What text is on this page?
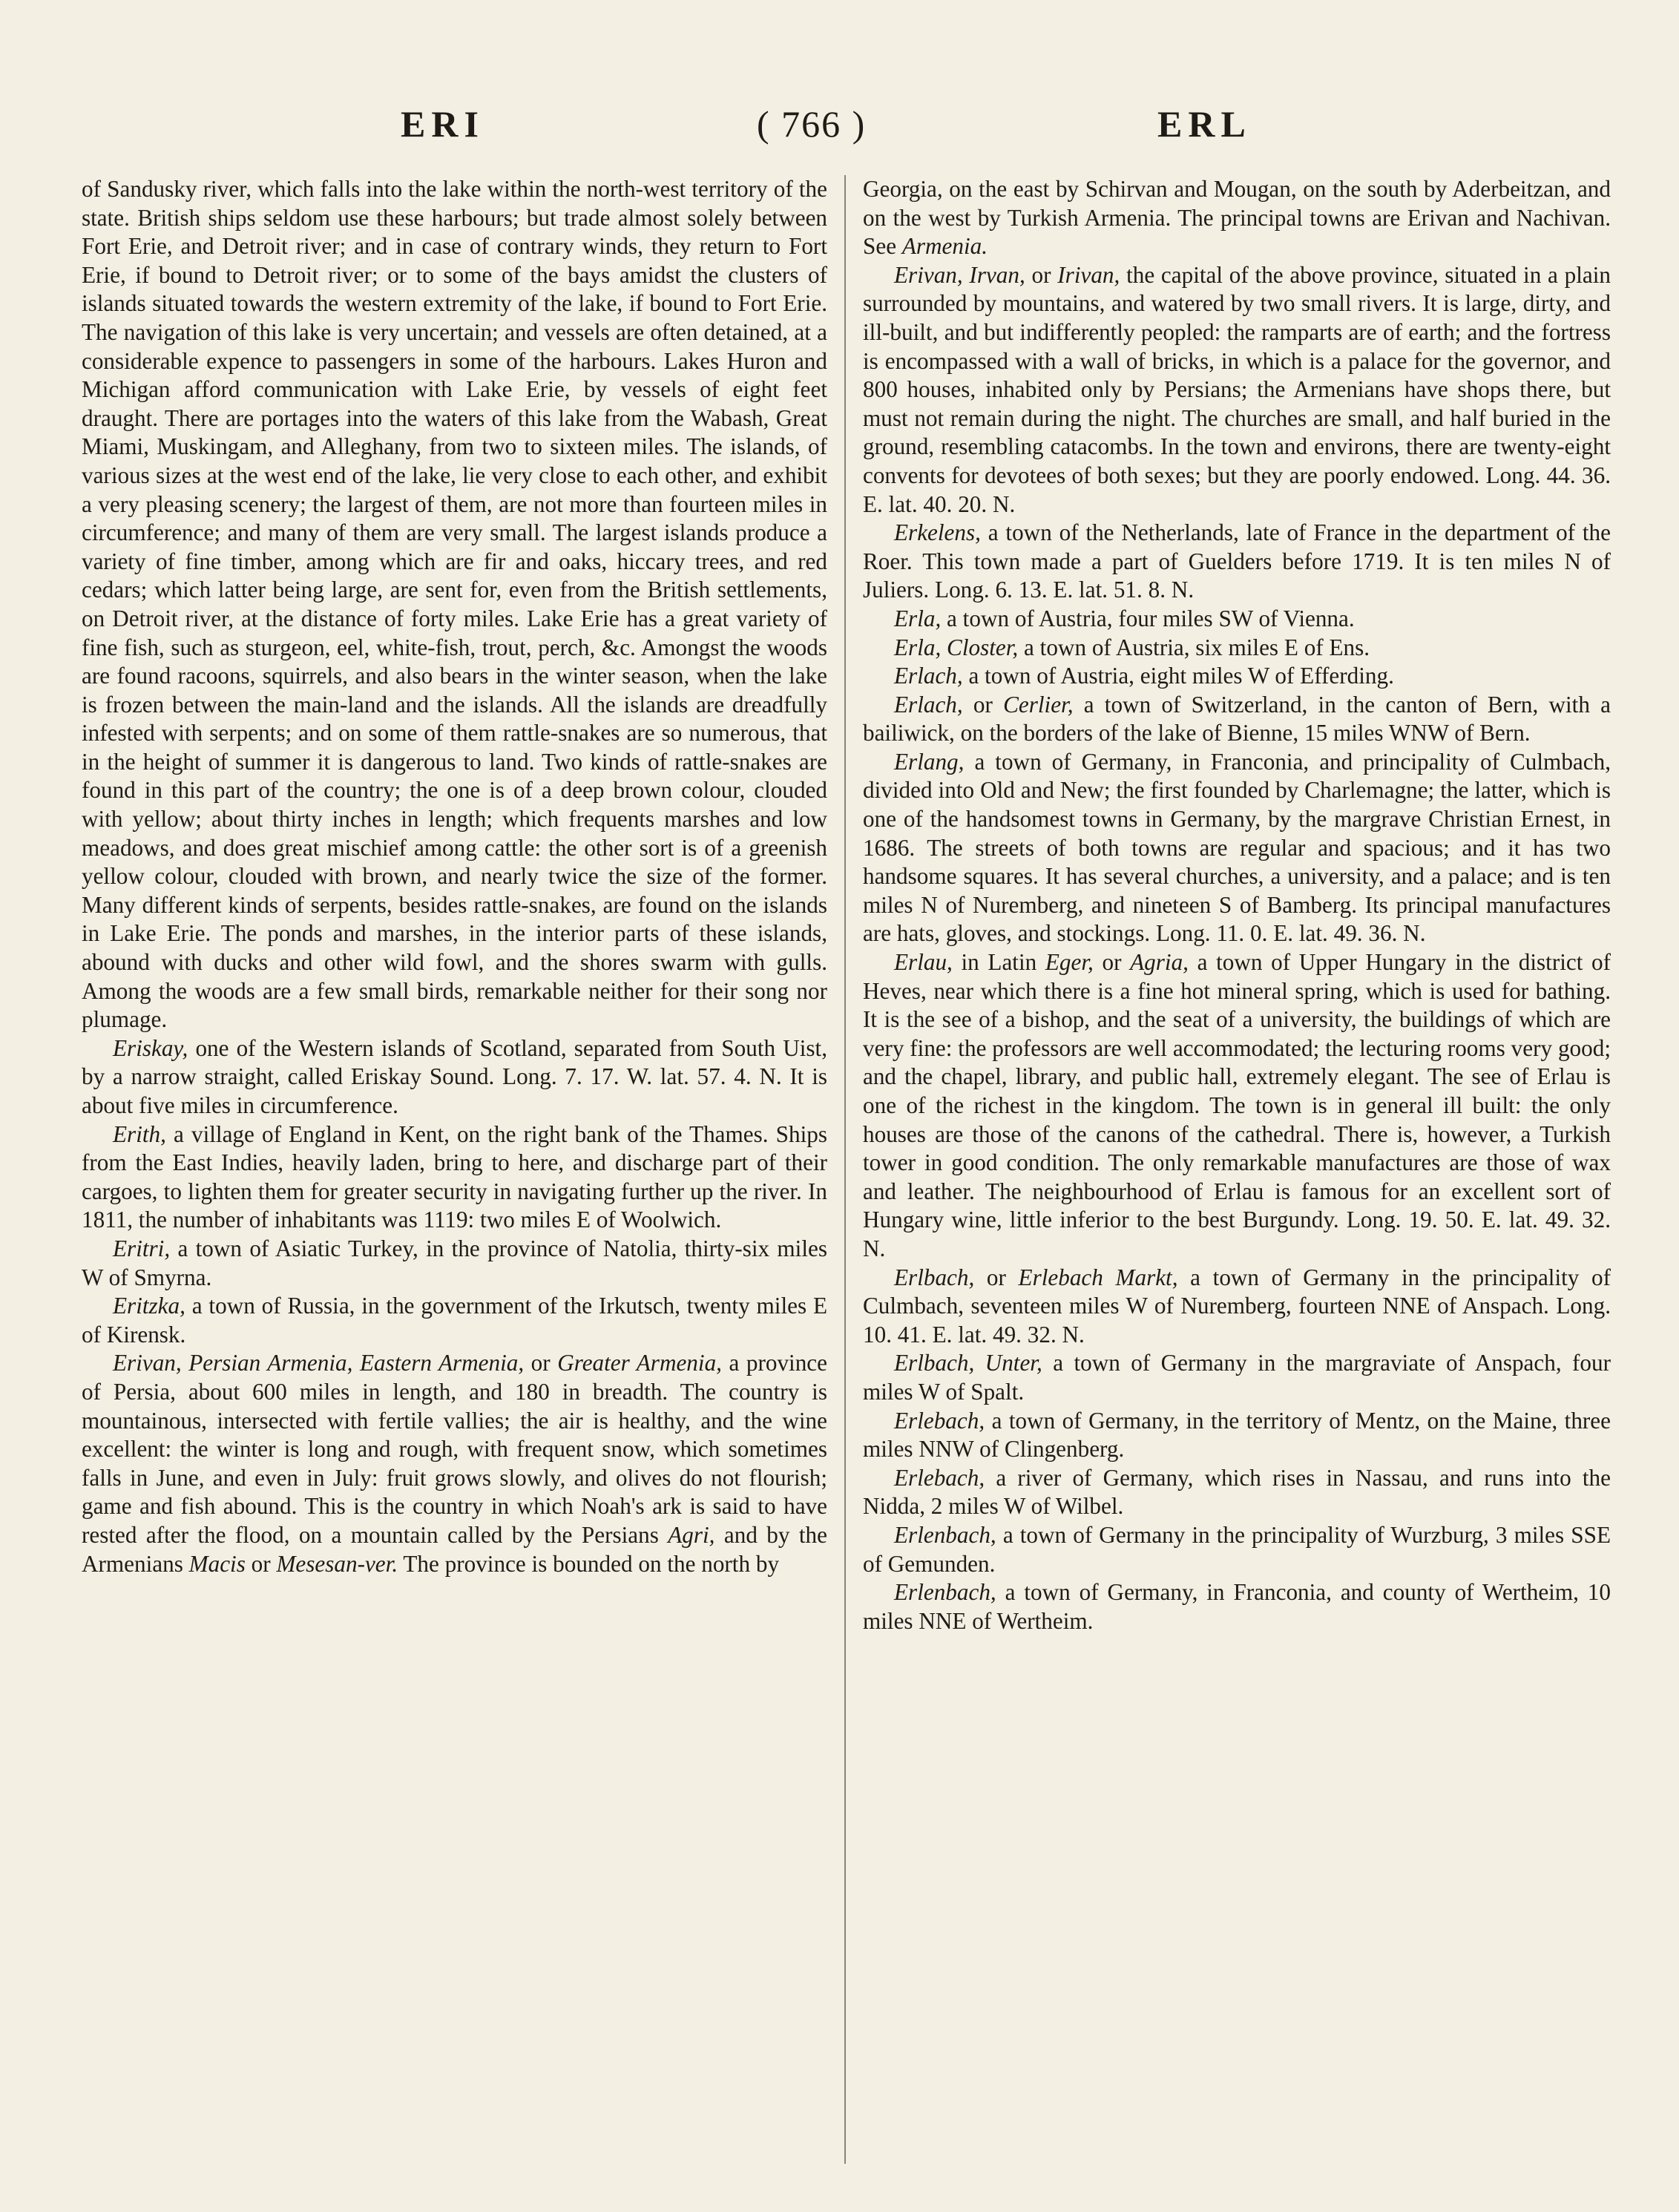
ERI	( 766 )	ERL

of Sandusky river, which falls into the lake within the north-west territory of the state. British ships seldom use these harbours; but trade almost solely between Fort Erie, and Detroit river; and in case of contrary winds, they return to Fort Erie, if bound to Detroit river; or to some of the bays amidst the clusters of islands situated towards the western extremity of the lake, if bound to Fort Erie. The navigation of this lake is very uncertain; and vessels are often detained, at a considerable expence to passengers in some of the harbours. Lakes Huron and Michigan afford communication with Lake Erie, by vessels of eight feet draught. There are portages into the waters of this lake from the Wabash, Great Miami, Muskingam, and Alleghany, from two to sixteen miles. The islands, of various sizes at the west end of the lake, lie very close to each other, and exhibit a very pleasing scenery; the largest of them, are not more than fourteen miles in circumference; and many of them are very small. The largest islands produce a variety of fine timber, among which are fir and oaks, hiccary trees, and red cedars; which latter being large, are sent for, even from the British settlements, on Detroit river, at the distance of forty miles. Lake Erie has a great variety of fine fish, such as sturgeon, eel, white-fish, trout, perch, &c. Amongst the woods are found racoons, squirrels, and also bears in the winter season, when the lake is frozen between the main-land and the islands. All the islands are dreadfully infested with serpents; and on some of them rattle-snakes are so numerous, that in the height of summer it is dangerous to land. Two kinds of rattle-snakes are found in this part of the country; the one is of a deep brown colour, clouded with yellow; about thirty inches in length; which frequents marshes and low meadows, and does great mischief among cattle: the other sort is of a greenish yellow colour, clouded with brown, and nearly twice the size of the former. Many different kinds of serpents, besides rattle-snakes, are found on the islands in Lake Erie. The ponds and marshes, in the interior parts of these islands, abound with ducks and other wild fowl, and the shores swarm with gulls. Among the woods are a few small birds, remarkable neither for their song nor plumage.

Eriskay, one of the Western islands of Scotland, separated from South Uist, by a narrow straight, called Eriskay Sound. Long. 7. 17. W. lat. 57. 4. N. It is about five miles in circumference.

Erith, a village of England in Kent, on the right bank of the Thames. Ships from the East Indies, heavily laden, bring to here, and discharge part of their cargoes, to lighten them for greater security in navigating further up the river. In 1811, the number of inhabitants was 1119: two miles E of Woolwich.

Eritri, a town of Asiatic Turkey, in the province of Natolia, thirty-six miles W of Smyrna.

Eritzka, a town of Russia, in the government of the Irkutsch, twenty miles E of Kirensk.

Erivan, Persian Armenia, Eastern Armenia, or Greater Armenia, a province of Persia, about 600 miles in length, and 180 in breadth. The country is mountainous, intersected with fertile vallies; the air is healthy, and the wine excellent: the winter is long and rough, with frequent snow, which sometimes falls in June, and even in July: fruit grows slowly, and olives do not flourish; game and fish abound. This is the country in which Noah's ark is said to have rested after the flood, on a mountain called by the Persians Agri, and by the Armenians Macis or Mesesan-ver. The province is bounded on the north by

Georgia, on the east by Schirvan and Mougan, on the south by Aderbeitzan, and on the west by Turkish Armenia. The principal towns are Erivan and Nachivan. See Armenia.

Erivan, Irvan, or Irivan, the capital of the above province, situated in a plain surrounded by mountains, and watered by two small rivers. It is large, dirty, and ill-built, and but indifferently peopled: the ramparts are of earth; and the fortress is encompassed with a wall of bricks, in which is a palace for the governor, and 800 houses, inhabited only by Persians; the Armenians have shops there, but must not remain during the night. The churches are small, and half buried in the ground, resembling catacombs. In the town and environs, there are twenty-eight convents for devotees of both sexes; but they are poorly endowed. Long. 44. 36. E. lat. 40. 20. N.

Erkelens, a town of the Netherlands, late of France in the department of the Roer. This town made a part of Guelders before 1719. It is ten miles N of Juliers. Long. 6. 13. E. lat. 51. 8. N.

Erla, a town of Austria, four miles SW of Vienna.

Erla, Closter, a town of Austria, six miles E of Ens.

Erlach, a town of Austria, eight miles W of Efferding.

Erlach, or Cerlier, a town of Switzerland, in the canton of Bern, with a bailiwick, on the borders of the lake of Bienne, 15 miles WNW of Bern.

Erlang, a town of Germany, in Franconia, and principality of Culmbach, divided into Old and New; the first founded by Charlemagne; the latter, which is one of the handsomest towns in Germany, by the margrave Christian Ernest, in 1686. The streets of both towns are regular and spacious; and it has two handsome squares. It has several churches, a university, and a palace; and is ten miles N of Nuremberg, and nineteen S of Bamberg. Its principal manufactures are hats, gloves, and stockings. Long. 11. 0. E. lat. 49. 36. N.

Erlau, in Latin Eger, or Agria, a town of Upper Hungary in the district of Heves, near which there is a fine hot mineral spring, which is used for bathing. It is the see of a bishop, and the seat of a university, the buildings of which are very fine: the professors are well accommodated; the lecturing rooms very good; and the chapel, library, and public hall, extremely elegant. The see of Erlau is one of the richest in the kingdom. The town is in general ill built: the only houses are those of the canons of the cathedral. There is, however, a Turkish tower in good condition. The only remarkable manufactures are those of wax and leather. The neighbourhood of Erlau is famous for an excellent sort of Hungary wine, little inferior to the best Burgundy. Long. 19. 50. E. lat. 49. 32. N.

Erlbach, or Erlebach Markt, a town of Germany in the principality of Culmbach, seventeen miles W of Nuremberg, fourteen NNE of Anspach. Long. 10. 41. E. lat. 49. 32. N.

Erlbach, Unter, a town of Germany in the margraviate of Anspach, four miles W of Spalt.

Erlebach, a town of Germany, in the territory of Mentz, on the Maine, three miles NNW of Clingenberg.

Erlebach, a river of Germany, which rises in Nassau, and runs into the Nidda, 2 miles W of Wilbel.

Erlenbach, a town of Germany in the principality of Wurzburg, 3 miles SSE of Gemunden.

Erlenbach, a town of Germany, in Franconia, and county of Wertheim, 10 miles NNE of Wertheim.
